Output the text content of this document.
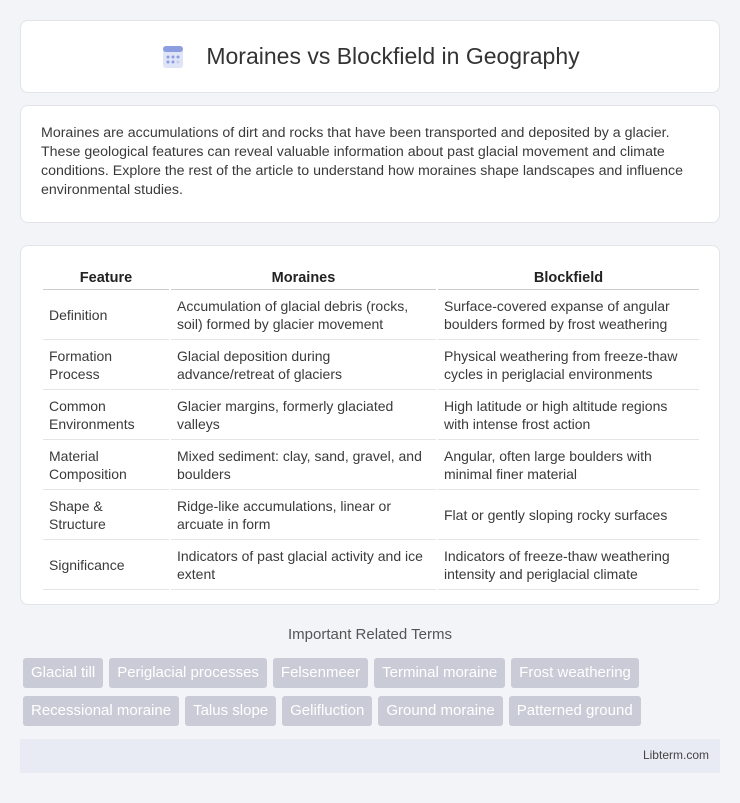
Moraines vs Blockfield in Geography

Moraines are accumulations of dirt and rocks that have been transported and deposited by a glacier. These geological features can reveal valuable information about past glacial movement and climate conditions. Explore the rest of the article to understand how moraines shape landscapes and influence environmental studies.

Feature	Moraines	Blockfield
Definition	Accumulation of glacial debris (rocks, soil) formed by glacier movement	Surface-covered expanse of angular boulders formed by frost weathering
Formation Process	Glacial deposition during advance/retreat of glaciers	Physical weathering from freeze-thaw cycles in periglacial environments
Common Environments	Glacier margins, formerly glaciated valleys	High latitude or high altitude regions with intense frost action
Material Composition	Mixed sediment: clay, sand, gravel, and boulders	Angular, often large boulders with minimal finer material
Shape & Structure	Ridge-like accumulations, linear or arcuate in form	Flat or gently sloping rocky surfaces
Significance	Indicators of past glacial activity and ice extent	Indicators of freeze-thaw weathering intensity and periglacial climate
Important Related Terms
Glacial till Periglacial processes Felsenmeer Terminal moraine Frost weathering
Recessional moraine Talus slope Gelifluction Ground moraine Patterned ground
Libterm.com
